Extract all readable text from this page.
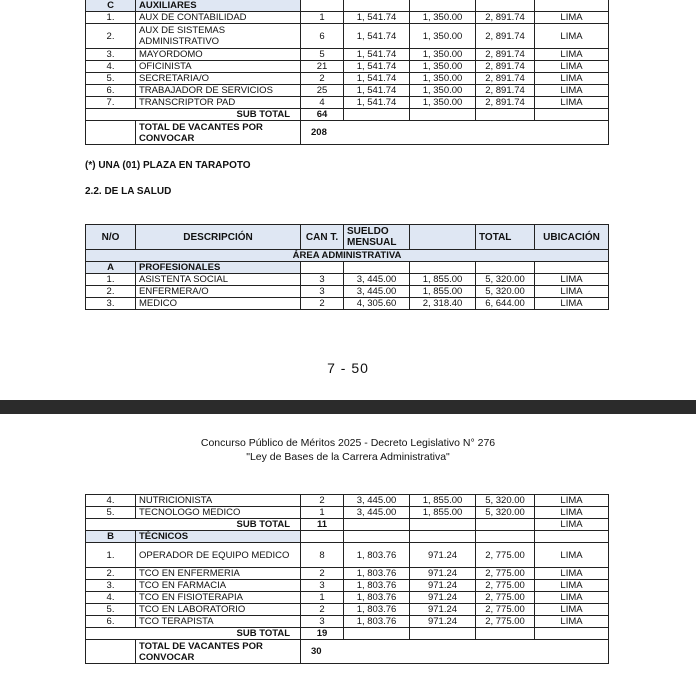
C	AUXILIARES					
1.	AUX DE CONTABILIDAD	1	1, 541.74	1, 350.00	2, 891.74	LIMA
2.	AUX DE SISTEMAS ADMINISTRATIVO	6	1, 541.74	1, 350.00	2, 891.74	LIMA
3.	MAYORDOMO	5	1, 541.74	1, 350.00	2, 891.74	LIMA
4.	OFICINISTA	21	1, 541.74	1, 350.00	2, 891.74	LIMA
5.	SECRETARIA/O	2	1, 541.74	1, 350.00	2, 891.74	LIMA
6.	TRABAJADOR DE SERVICIOS	25	1, 541.74	1, 350.00	2, 891.74	LIMA
7.	TRANSCRIPTOR PAD	4	1, 541.74	1, 350.00	2, 891.74	LIMA
SUB TOTAL		64				
	TOTAL DE VACANTES POR CONVOCAR	208				
(*) UNA (01) PLAZA EN TARAPOTO
2.2. DE LA SALUD
N/O	DESCRIPCIÓN	CAN T.	SUELDO MENSUAL		TOTAL	UBICACIÓN
ÁREA ADMINISTRATIVA						
A	PROFESIONALES					
1.	ASISTENTA SOCIAL	3	3, 445.00	1, 855.00	5, 320.00	LIMA
2.	ENFERMERA/O	3	3, 445.00	1, 855.00	5, 320.00	LIMA
3.	MEDICO	2	4, 305.60	2, 318.40	6, 644.00	LIMA
7 - 50
Concurso Público de Méritos 2025 - Decreto Legislativo N° 276
"Ley de Bases de la Carrera Administrativa"
4.	NUTRICIONISTA	2	3, 445.00	1, 855.00	5, 320.00	LIMA
5.	TECNOLOGO MEDICO	1	3, 445.00	1, 855.00	5, 320.00	LIMA
SUB TOTAL		11				LIMA
B	TÉCNICOS					
1.	OPERADOR DE EQUIPO MEDICO	8	1, 803.76	971.24	2, 775.00	LIMA
2.	TCO EN ENFERMERIA	2	1, 803.76	971.24	2, 775.00	LIMA
3.	TCO EN FARMACIA	3	1, 803.76	971.24	2, 775.00	LIMA
4.	TCO EN FISIOTERAPIA	1	1, 803.76	971.24	2, 775.00	LIMA
5.	TCO EN LABORATORIO	2	1, 803.76	971.24	2, 775.00	LIMA
6.	TCO TERAPISTA	3	1, 803.76	971.24	2, 775.00	LIMA
SUB TOTAL		19				
	TOTAL DE VACANTES POR CONVOCAR	30				
